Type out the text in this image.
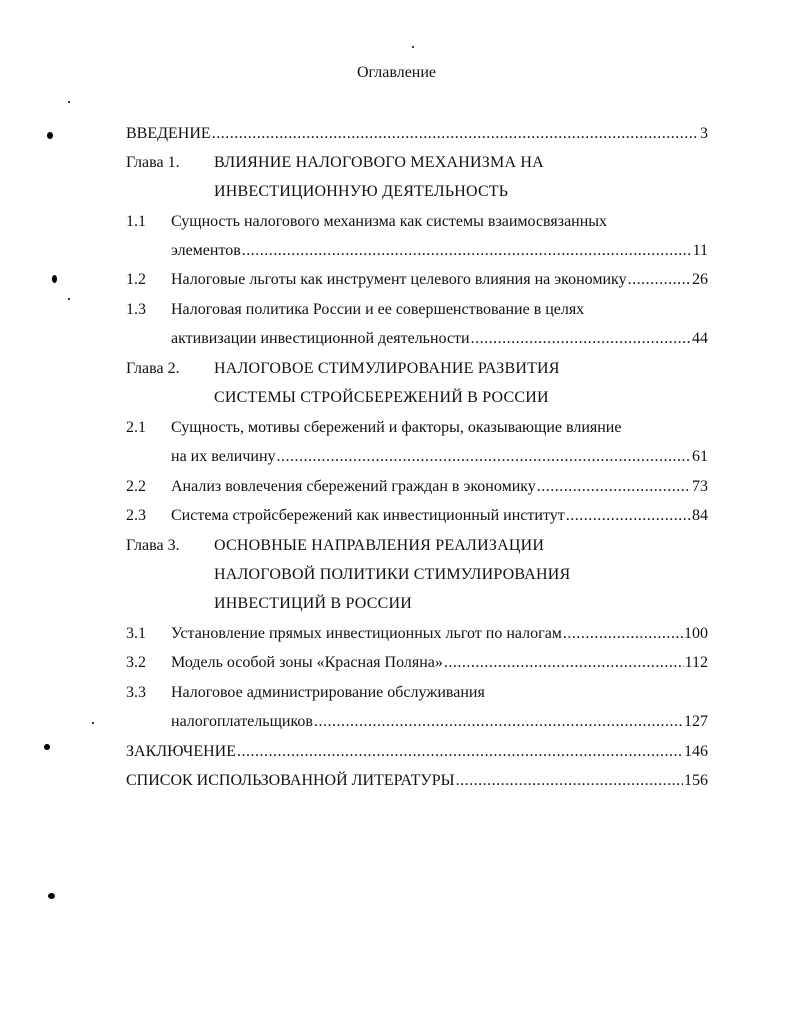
Оглавление
ВВЕДЕНИЕ .....	3
Глава 1.	ВЛИЯНИЕ НАЛОГОВОГО МЕХАНИЗМА НА
ИНВЕСТИЦИОННУЮ ДЕЯТЕЛЬНОСТЬ
1.1	Сущность налогового механизма как системы взаимосвязанных
элементов .....	11
1.2	Налоговые льготы как инструмент целевого влияния на экономику .....	26
1.3	Налоговая политика России и ее совершенствование в целях
активизации инвестиционной деятельности .....	44
Глава 2.	НАЛОГОВОЕ СТИМУЛИРОВАНИЕ РАЗВИТИЯ
СИСТЕМЫ СТРОЙСБЕРЕЖЕНИЙ В РОССИИ
2.1	Сущность, мотивы сбережений и факторы, оказывающие влияние
на их величину .....	61
2.2	Анализ вовлечения сбережений граждан в экономику .....	73
2.3	Система стройсбережений как инвестиционный институт .....	84
Глава 3.	ОСНОВНЫЕ НАПРАВЛЕНИЯ РЕАЛИЗАЦИИ
НАЛОГОВОЙ ПОЛИТИКИ СТИМУЛИРОВАНИЯ
ИНВЕСТИЦИЙ В РОССИИ
3.1	Установление прямых инвестиционных льгот по налогам .....	100
3.2	Модель особой зоны «Красная Поляна» .....	112
3.3	Налоговое администрирование обслуживания
налогоплательщиков .....	127
ЗАКЛЮЧЕНИЕ .....	146
СПИСОК ИСПОЛЬЗОВАННОЙ ЛИТЕРАТУРЫ .....	156
